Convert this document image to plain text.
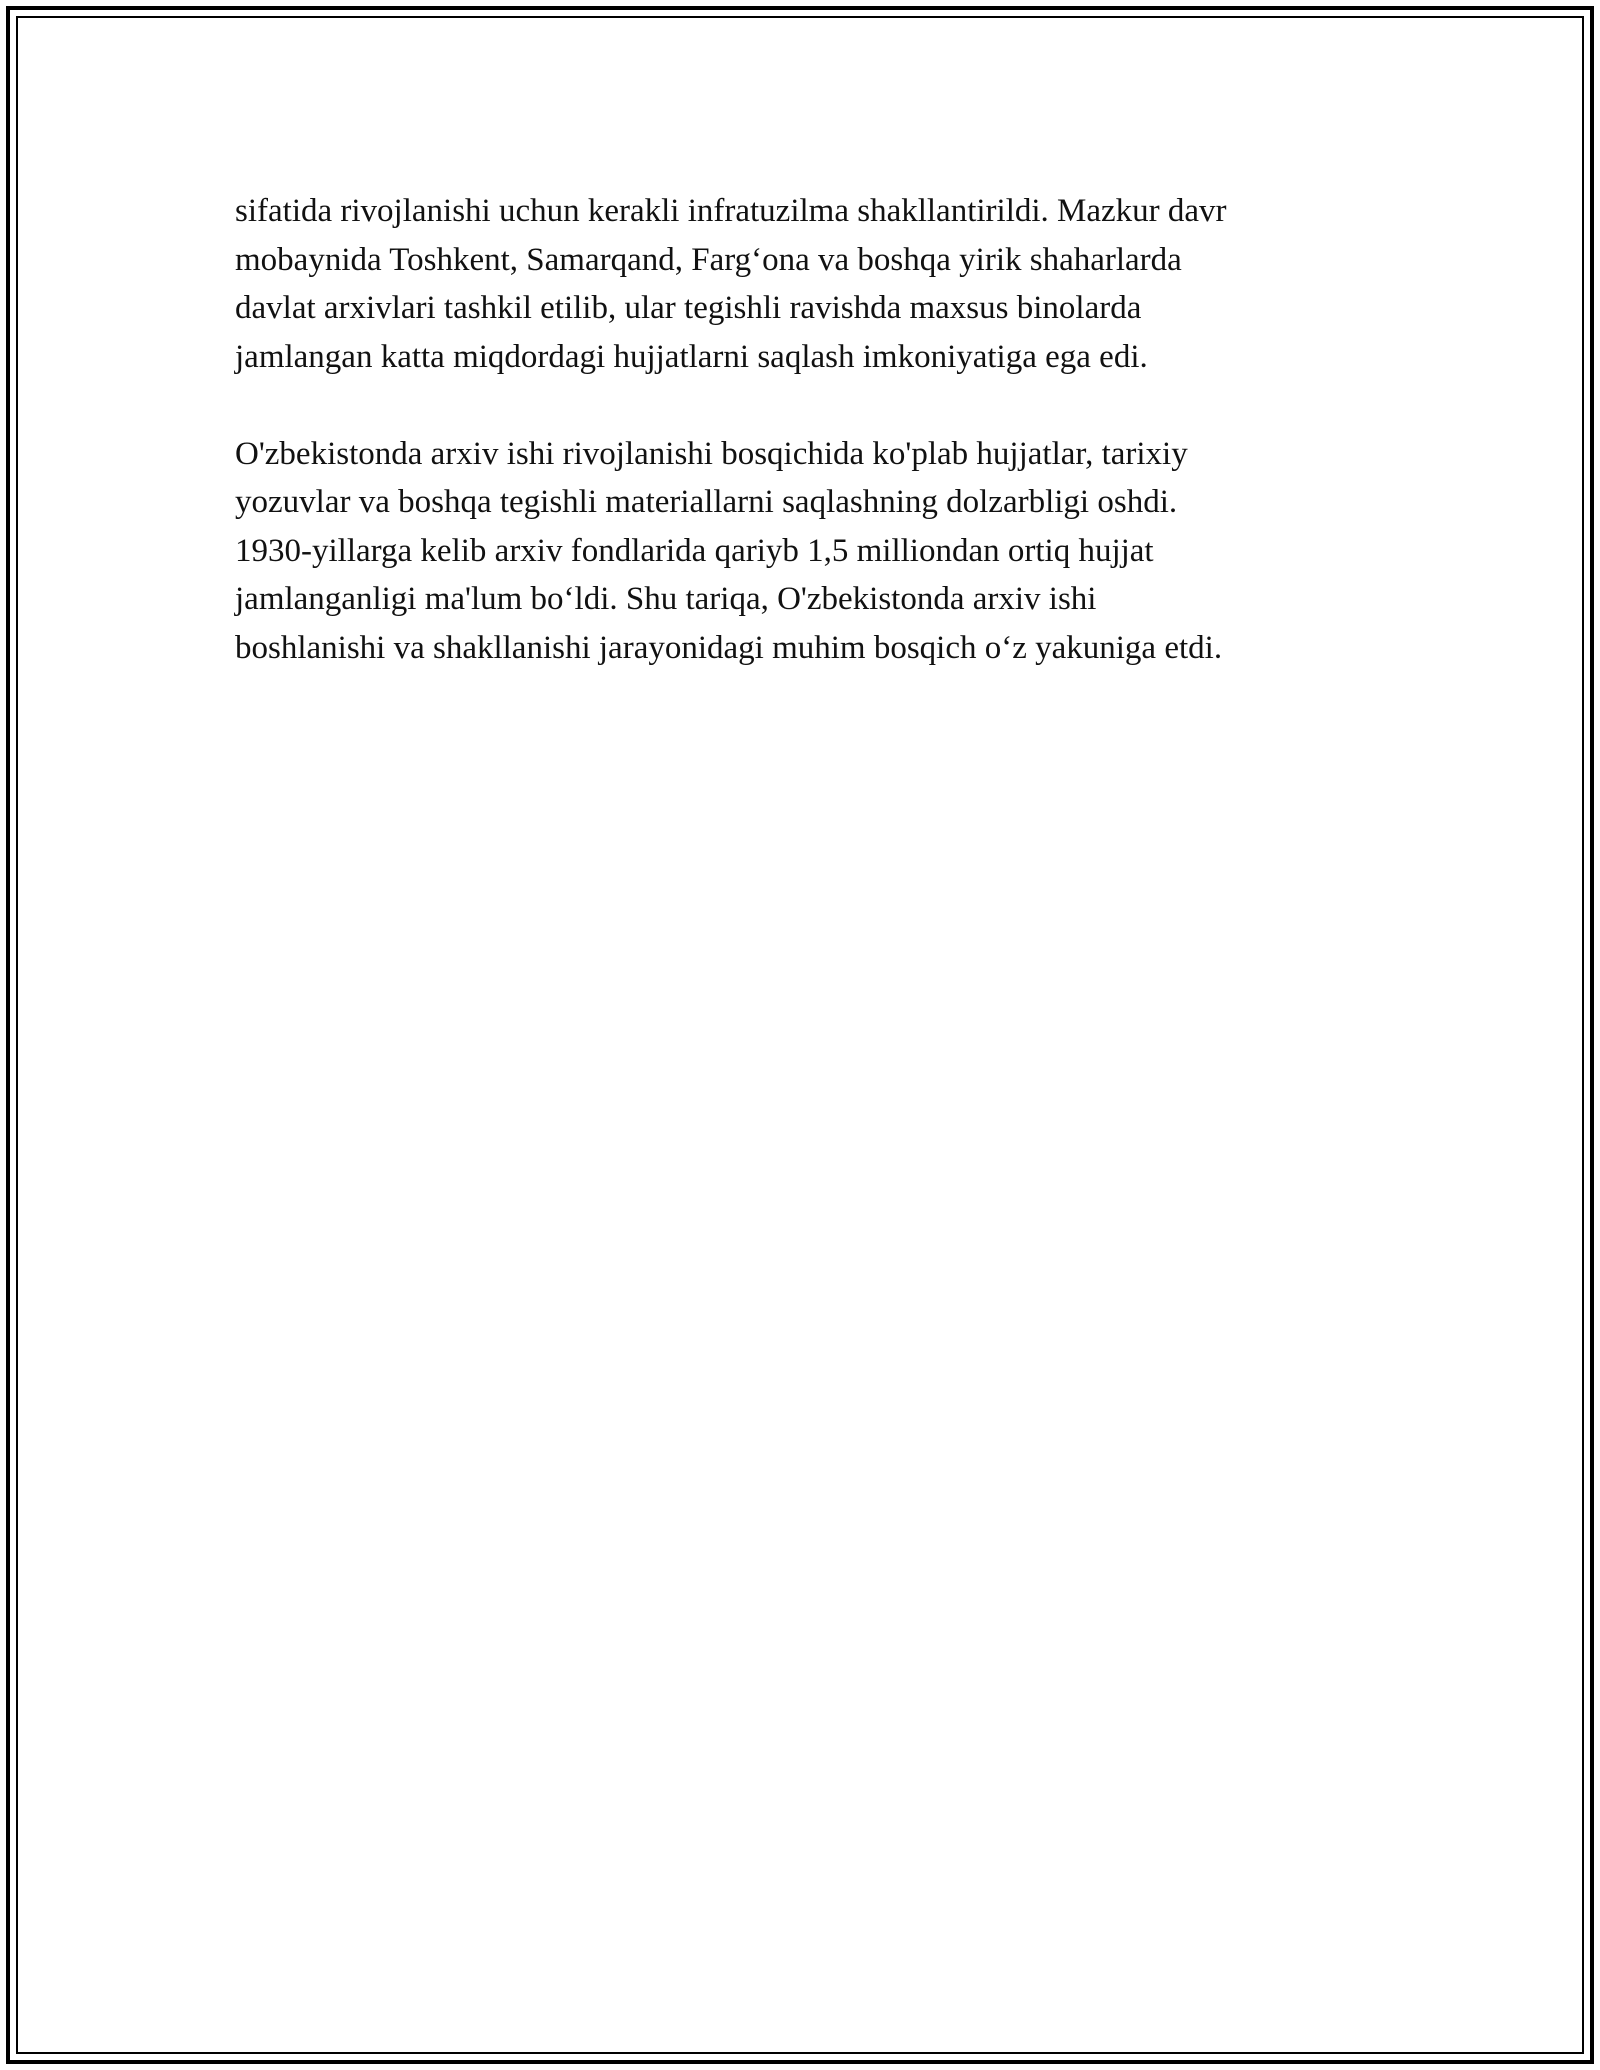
sifatida rivojlanishi uchun kerakli infratuzilma shakllantirildi. Mazkur davr
mobaynida Toshkent, Samarqand, Farg‘ona va boshqa yirik shaharlarda
davlat arxivlari tashkil etilib, ular tegishli ravishda maxsus binolarda
jamlangan katta miqdordagi hujjatlarni saqlash imkoniyatiga ega edi.

O'zbekistonda arxiv ishi rivojlanishi bosqichida ko'plab hujjatlar, tarixiy
yozuvlar va boshqa tegishli materiallarni saqlashning dolzarbligi oshdi.
1930-yillarga kelib arxiv fondlarida qariyb 1,5 milliondan ortiq hujjat
jamlanganligi ma'lum bo‘ldi. Shu tariqa, O'zbekistonda arxiv ishi
boshlanishi va shakllanishi jarayonidagi muhim bosqich o‘z yakuniga etdi.
